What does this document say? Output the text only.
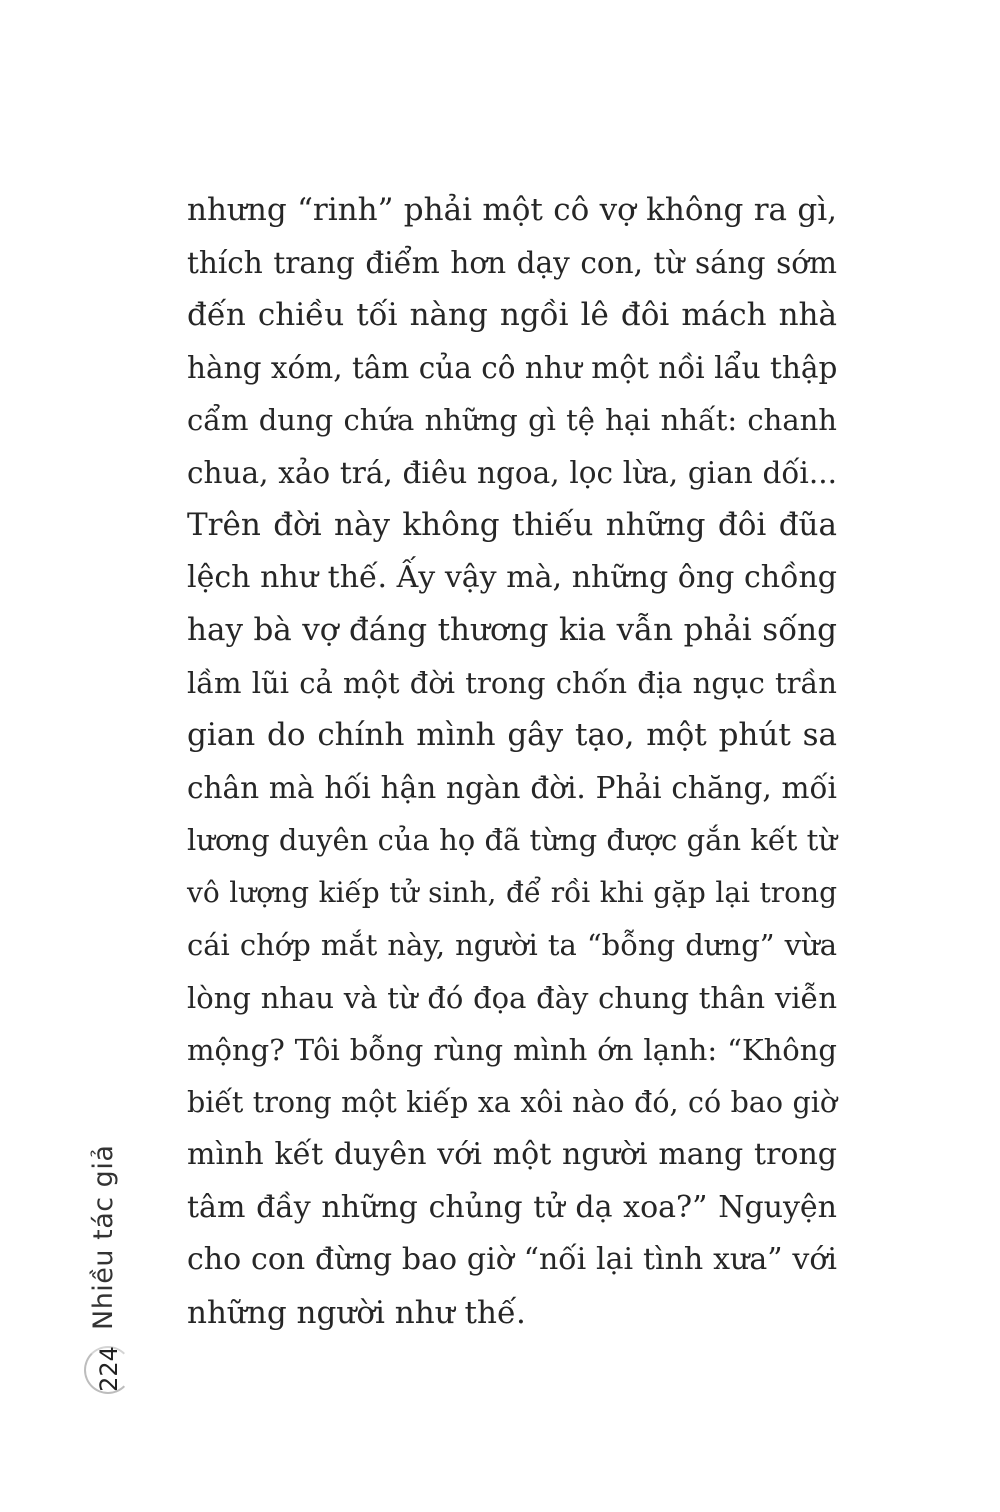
nhưng “rinh” phải một cô vợ không ra gì,
thích trang điểm hơn dạy con, từ sáng sớm
đến chiều tối nàng ngồi lê đôi mách nhà
hàng xóm, tâm của cô như một nồi lẩu thập
cẩm dung chứa những gì tệ hại nhất: chanh
chua, xảo trá, điêu ngoa, lọc lừa, gian dối...
Trên đời này không thiếu những đôi đũa
lệch như thế. Ấy vậy mà, những ông chồng
hay bà vợ đáng thương kia vẫn phải sống
lầm lũi cả một đời trong chốn địa ngục trần
gian do chính mình gây tạo, một phút sa
chân mà hối hận ngàn đời. Phải chăng, mối
lương duyên của họ đã từng được gắn kết từ
vô lượng kiếp tử sinh, để rồi khi gặp lại trong
cái chớp mắt này, người ta “bỗng dưng” vừa
lòng nhau và từ đó đọa đày chung thân viễn
mộng? Tôi bỗng rùng mình ớn lạnh: “Không
biết trong một kiếp xa xôi nào đó, có bao giờ
mình kết duyên với một người mang trong
tâm đầy những chủng tử dạ xoa?” Nguyện
cho con đừng bao giờ “nối lại tình xưa” với
những người như thế.
Nhiều tác giả
224
